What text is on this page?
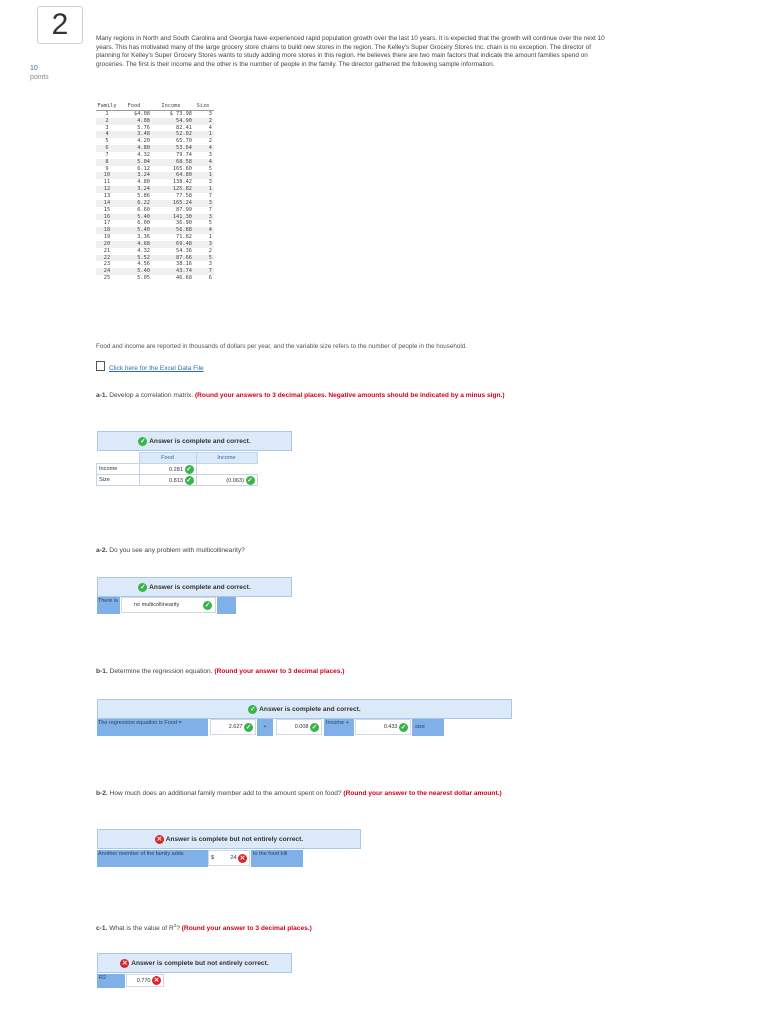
2
10
points
Many regions in North and South Carolina and Georgia have experienced rapid population growth over the last 10 years. It is expected that the growth will continue over the next 10 years. This has motivated many of the large grocery store chains to build new stores in the region. The Kelley's Super Grocery Stores Inc. chain is no exception. The director of planning for Kelley's Super Grocery Stores wants to study adding more stores in this region. He believes there are two main factors that indicate the amount families spend on groceries. The first is their income and the other is the number of people in the family. The director gathered the following sample information.
Family	Food	Income	Size
1	$4.08	$ 73.98	3
2	4.08	54.90	2
3	5.76	82.41	4
4	3.48	52.02	1
5	4.20	65.70	2
6	4.80	53.64	4
7	4.32	79.74	3
8	5.04	68.58	4
9	6.12	165.60	5
10	3.24	64.80	1
11	4.80	138.42	3
12	3.24	125.82	1
13	5.86	77.58	7
14	6.22	165.24	3
15	6.60	87.99	7
16	5.40	141.30	3
17	6.00	36.90	5
18	5.40	56.88	4
19	3.36	71.82	1
20	4.68	69.48	3
21	4.32	54.36	2
22	5.52	87.66	5
23	4.56	38.16	3
24	5.40	43.74	7
25	5.05	46.68	6
Food and income are reported in thousands of dollars per year, and the variable size refers to the number of people in the household.
Click here for the Excel Data File
a-1. Develop a correlation matrix. (Round your answers to 3 decimal places. Negative amounts should be indicated by a minus sign.)
✓
Answer is complete and correct.
	Food	Income
Income	0.281 ✓	
Size	0.813 ✓	(0.063) ✓
a-2. Do you see any problem with multicollinearity?
✓
Answer is complete and correct.
There is
no multicollinearity	✓
b-1. Determine the regression equation. (Round your answer to 3 decimal places.)
✓
Answer is complete and correct.
The regression equation is Food =
2.627
✓	+	0.008
✓
Income +
0.433
✓	size
b-2. How much does an additional family member add to the amount spent on food? (Round your answer to the nearest dollar amount.)
✕
Answer is complete but not entirely correct.
Another member of the family adds
$	24
✕
to the food bill
c-1. What is the value of $R^2$? (Round your answer to 3 decimal places.)
✕
Answer is complete but not entirely correct.
R2	0.770
✕
